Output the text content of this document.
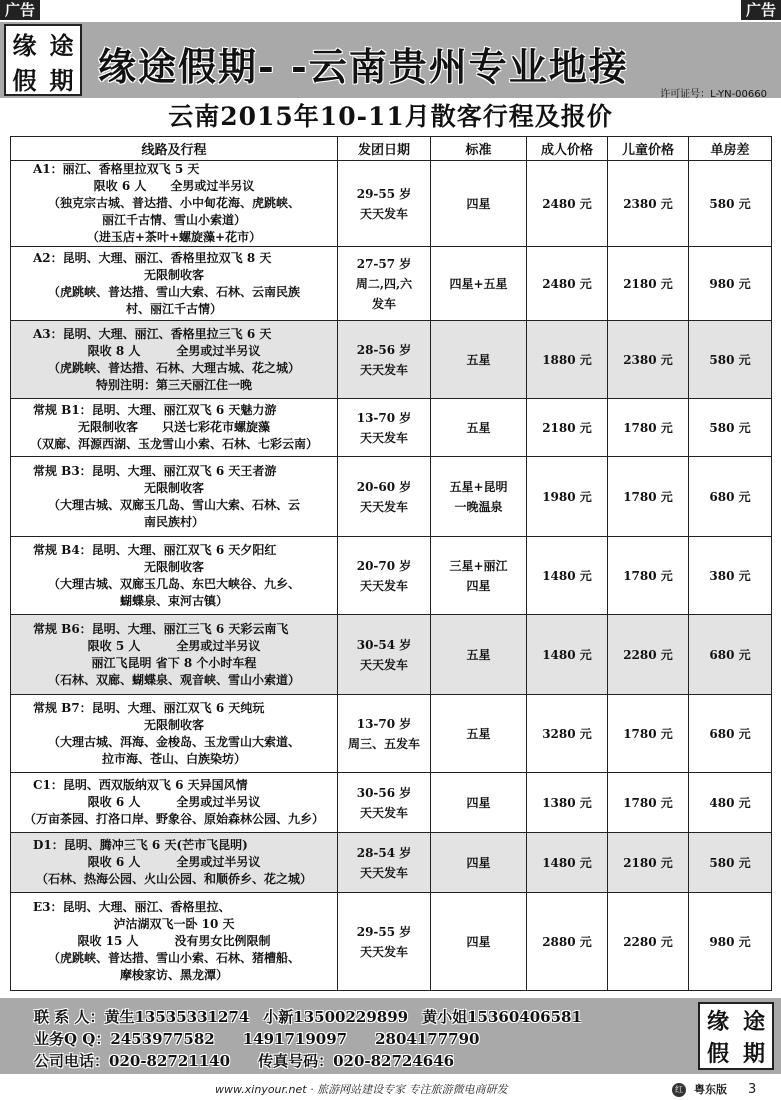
广告	广告
缘 途
假 期 缘途假期- -云南贵州专业地接
许可证号：L-YN-00660
云南2015年10-11月散客行程及报价
线路及行程	发团日期	标准	成人价格	儿童价格	单房差

A1：丽江、香格里拉双飞 5 天
限收 6 人　　全男或过半另议
（独克宗古城、普达措、小中甸花海、虎跳峡、
丽江千古情、雪山小索道）
（进玉店+茶叶+螺旋藻+花市）	29-55 岁
天天发车	四星	2480 元	2380 元	580 元

A2：昆明、大理、丽江、香格里拉双飞 8 天
无限制收客
（虎跳峡、普达措、雪山大索、石林、云南民族
村、丽江千古情）	27-57 岁
周二,四,六
发车	四星+五星	2480 元	2180 元	980 元

A3：昆明、大理、丽江、香格里拉三飞 6 天
限收 8 人　　　全男或过半另议
（虎跳峡、普达措、石林、大理古城、花之城）
特别注明：第三天丽江住一晚	28-56 岁
天天发车	五星	1880 元	2380 元	580 元

常规 B1：昆明、大理、丽江双飞 6 天魅力游
无限制收客　　只送七彩花市螺旋藻
（双廊、洱源西湖、玉龙雪山小索、石林、七彩云南）	13-70 岁
天天发车	五星	2180 元	1780 元	580 元

常规 B3：昆明、大理、丽江双飞 6 天王者游
无限制收客
（大理古城、双廊玉几岛、雪山大索、石林、云
南民族村）	20-60 岁
天天发车	五星+昆明
一晚温泉	1980 元	1780 元	680 元

常规 B4：昆明、大理、丽江双飞 6 天夕阳红
无限制收客
（大理古城、双廊玉几岛、东巴大峡谷、九乡、
蝴蝶泉、束河古镇）	20-70 岁
天天发车	三星+丽江
四星	1480 元	1780 元	380 元

常规 B6：昆明、大理、丽江三飞 6 天彩云南飞
限收 5 人　　　全男或过半另议
丽江飞昆明 省下 8 个小时车程
（石林、双廊、蝴蝶泉、观音峡、雪山小索道）	30-54 岁
天天发车	五星	1480 元	2280 元	680 元

常规 B7：昆明、大理、丽江双飞 6 天纯玩
无限制收客
（大理古城、洱海、金梭岛、玉龙雪山大索道、
拉市海、苍山、白族染坊）	13-70 岁
周三、五发车	五星	3280 元	1780 元	680 元

C1：昆明、西双版纳双飞 6 天异国风情
限收 6 人　　　全男或过半另议
（万亩茶园、打洛口岸、野象谷、原始森林公园、九乡）	30-56 岁
天天发车	四星	1380 元	1780 元	480 元

D1：昆明、腾冲三飞 6 天(芒市飞昆明)
限收 6 人　　　全男或过半另议
（石林、热海公园、火山公园、和顺侨乡、花之城）	28-54 岁
天天发车	四星	1480 元	2180 元	580 元

E3：昆明、大理、丽江、香格里拉、
泸沽湖双飞一卧 10 天
限收 15 人　　　没有男女比例限制
（虎跳峡、普达措、雪山小索、石林、猪槽船、
摩梭家访、黑龙潭）	29-55 岁
天天发车	四星	2880 元	2280 元	980 元
联 系 人：黄生13535331274 小新13500229899 黄小姐15360406581
业务Q Q：2453977582 1491719097 2804177790
公司电话：020-82721140 传真号码：020-82724646
缘 途
假 期
www.xinyour.net · 旅游网站建设专家 专注旅游微电商研发	红 粤东版 3
